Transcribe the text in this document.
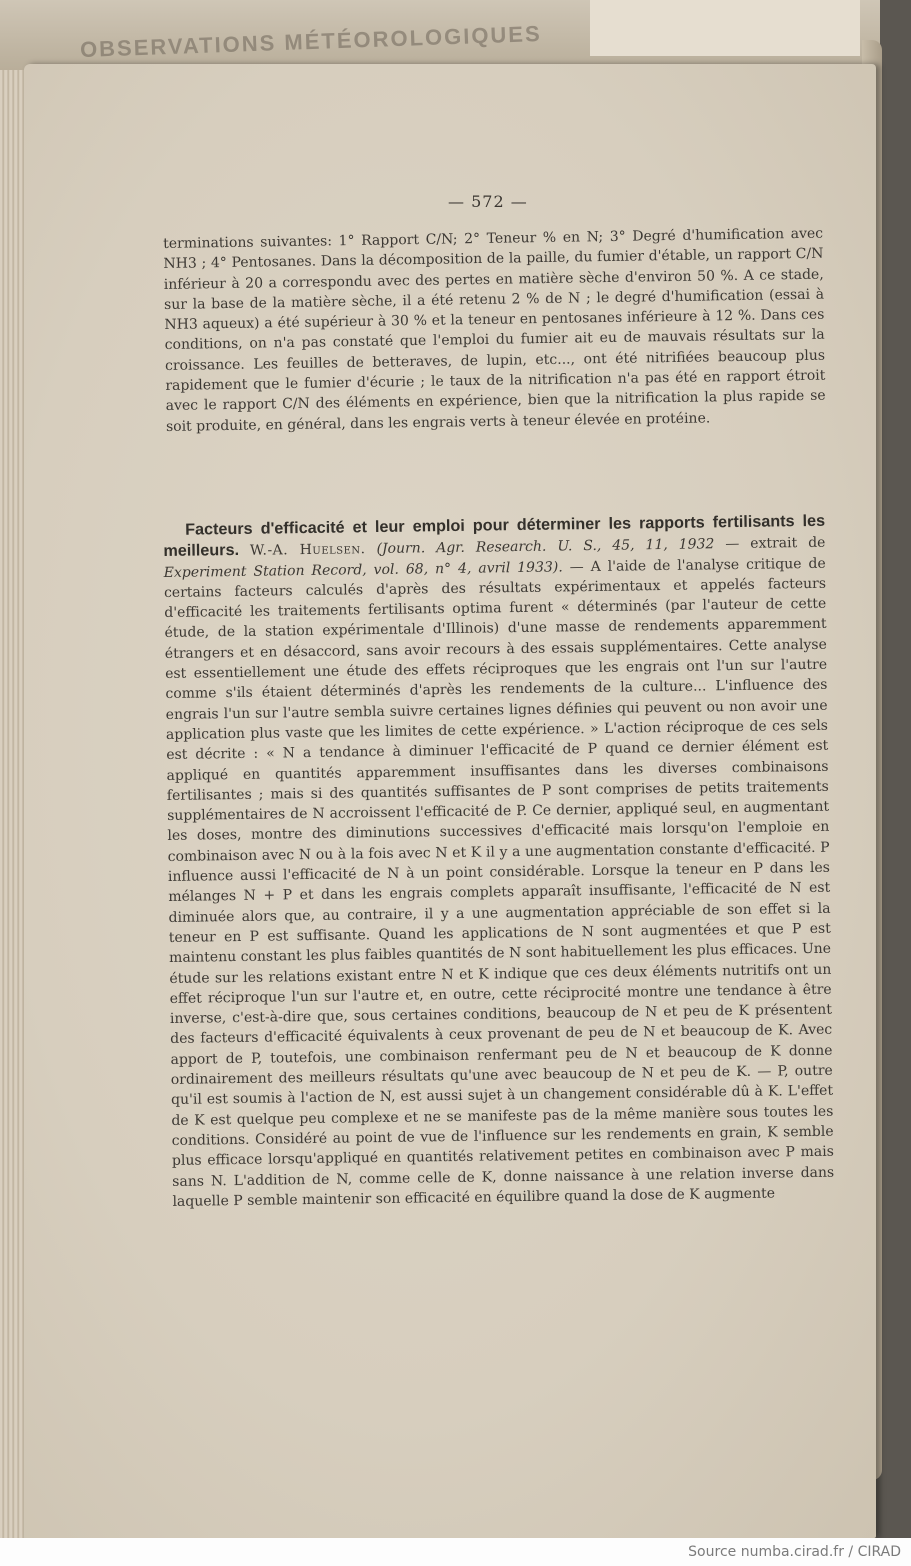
OBSERVATIONS MÉTÉOROLOGIQUES
— 572 —

terminations suivantes: 1° Rapport C/N; 2° Teneur % en N; 3° Degré d'humification avec NH3 ; 4° Pentosanes. Dans la décomposition de la paille, du fumier d'étable, un rapport C/N inférieur à 20 a correspondu avec des pertes en matière sèche d'environ 50 %. A ce stade, sur la base de la matière sèche, il a été retenu 2 % de N ; le degré d'humification (essai à NH3 aqueux) a été supérieur à 30 % et la teneur en pentosanes inférieure à 12 %. Dans ces conditions, on n'a pas constaté que l'emploi du fumier ait eu de mauvais résultats sur la croissance. Les feuilles de betteraves, de lupin, etc..., ont été nitrifiées beaucoup plus rapidement que le fumier d'écurie ; le taux de la nitrification n'a pas été en rapport étroit avec le rapport C/N des éléments en expérience, bien que la nitrification la plus rapide se soit produite, en général, dans les engrais verts à teneur élevée en protéine.

Facteurs d'efficacité et leur emploi pour déterminer les rapports fertilisants les meilleurs. W.-A. Huelsen. (Journ. Agr. Research. U. S., 45, 11, 1932 — extrait de Experiment Station Record, vol. 68, n° 4, avril 1933). — A l'aide de l'analyse critique de certains facteurs calculés d'après des résultats expérimentaux et appelés facteurs d'efficacité les traitements fertilisants optima furent « déterminés (par l'auteur de cette étude, de la station expérimentale d'Illinois) d'une masse de rendements apparemment étrangers et en désaccord, sans avoir recours à des essais supplémentaires. Cette analyse est essentiellement une étude des effets réciproques que les engrais ont l'un sur l'autre comme s'ils étaient déterminés d'après les rendements de la culture... L'influence des engrais l'un sur l'autre sembla suivre certaines lignes définies qui peuvent ou non avoir une application plus vaste que les limites de cette expérience. » L'action réciproque de ces sels est décrite : « N a tendance à diminuer l'efficacité de P quand ce dernier élément est appliqué en quantités apparemment insuffisantes dans les diverses combinaisons fertilisantes ; mais si des quantités suffisantes de P sont comprises de petits traitements supplémentaires de N accroissent l'efficacité de P. Ce dernier, appliqué seul, en augmentant les doses, montre des diminutions successives d'efficacité mais lorsqu'on l'emploie en combinaison avec N ou à la fois avec N et K il y a une augmentation constante d'efficacité. P influence aussi l'efficacité de N à un point considérable. Lorsque la teneur en P dans les mélanges N + P et dans les engrais complets apparaît insuffisante, l'efficacité de N est diminuée alors que, au contraire, il y a une augmentation appréciable de son effet si la teneur en P est suffisante. Quand les applications de N sont augmentées et que P est maintenu constant les plus faibles quantités de N sont habituellement les plus efficaces. Une étude sur les relations existant entre N et K indique que ces deux éléments nutritifs ont un effet réciproque l'un sur l'autre et, en outre, cette réciprocité montre une tendance à être inverse, c'est-à-dire que, sous certaines conditions, beaucoup de N et peu de K présentent des facteurs d'efficacité équivalents à ceux provenant de peu de N et beaucoup de K. Avec apport de P, toutefois, une combinaison renfermant peu de N et beaucoup de K donne ordinairement des meilleurs résultats qu'une avec beaucoup de N et peu de K. — P, outre qu'il est soumis à l'action de N, est aussi sujet à un changement considérable dû à K. L'effet de K est quelque peu complexe et ne se manifeste pas de la même manière sous toutes les conditions. Considéré au point de vue de l'influence sur les rendements en grain, K semble plus efficace lorsqu'appliqué en quantités relativement petites en combinaison avec P mais sans N. L'addition de N, comme celle de K, donne naissance à une relation inverse dans laquelle P semble maintenir son efficacité en équilibre quand la dose de K augmente

Source numba.cirad.fr / CIRAD
